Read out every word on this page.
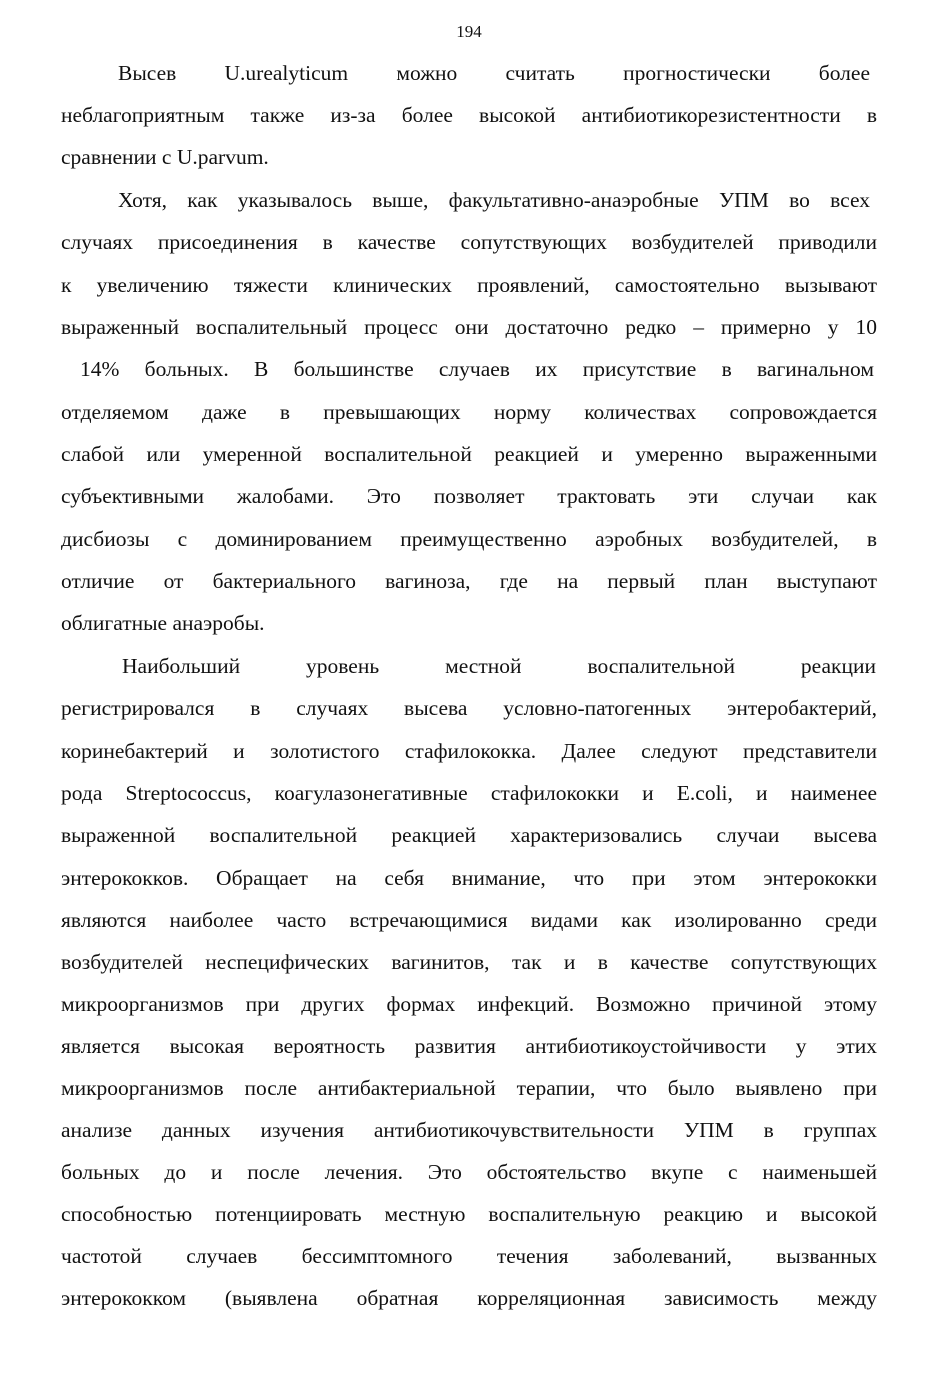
194
Высев U.urealyticum можно считать прогностически более
неблагоприятным также из-за более высокой антибиотикорезистентности в
сравнении с U.parvum.
Хотя, как указывалось выше, факультативно-анаэробные УПМ во всех
случаях присоединения в качестве сопутствующих возбудителей приводили
к увеличению тяжести клинических проявлений, самостоятельно вызывают
выраженный воспалительный процесс они достаточно редко – примерно у 10
14% больных. В большинстве случаев их присутствие в вагинальном
отделяемом даже в превышающих норму количествах сопровождается
слабой или умеренной воспалительной реакцией и умеренно выраженными
субъективными жалобами. Это позволяет трактовать эти случаи как
дисбиозы с доминированием преимущественно аэробных возбудителей, в
отличие от бактериального вагиноза, где на первый план выступают
облигатные анаэробы.
Наибольший уровень местной воспалительной реакции
регистрировался в случаях высева условно-патогенных энтеробактерий,
коринебактерий и золотистого стафилококка. Далее следуют представители
рода Streptococcus, коагулазонегативные стафилококки и E.coli, и наименее
выраженной воспалительной реакцией характеризовались случаи высева
энтерококков. Обращает на себя внимание, что при этом энтерококки
являются наиболее часто встречающимися видами как изолированно среди
возбудителей неспецифических вагинитов, так и в качестве сопутствующих
микроорганизмов при других формах инфекций. Возможно причиной этому
является высокая вероятность развития антибиотикоустойчивости у этих
микроорганизмов после антибактериальной терапии, что было выявлено при
анализе данных изучения антибиотикочувствительности УПМ в группах
больных до и после лечения. Это обстоятельство вкупе с наименьшей
способностью потенциировать местную воспалительную реакцию и высокой
частотой случаев бессимптомного течения заболеваний, вызванных
энтерококком (выявлена обратная корреляционная зависимость между
